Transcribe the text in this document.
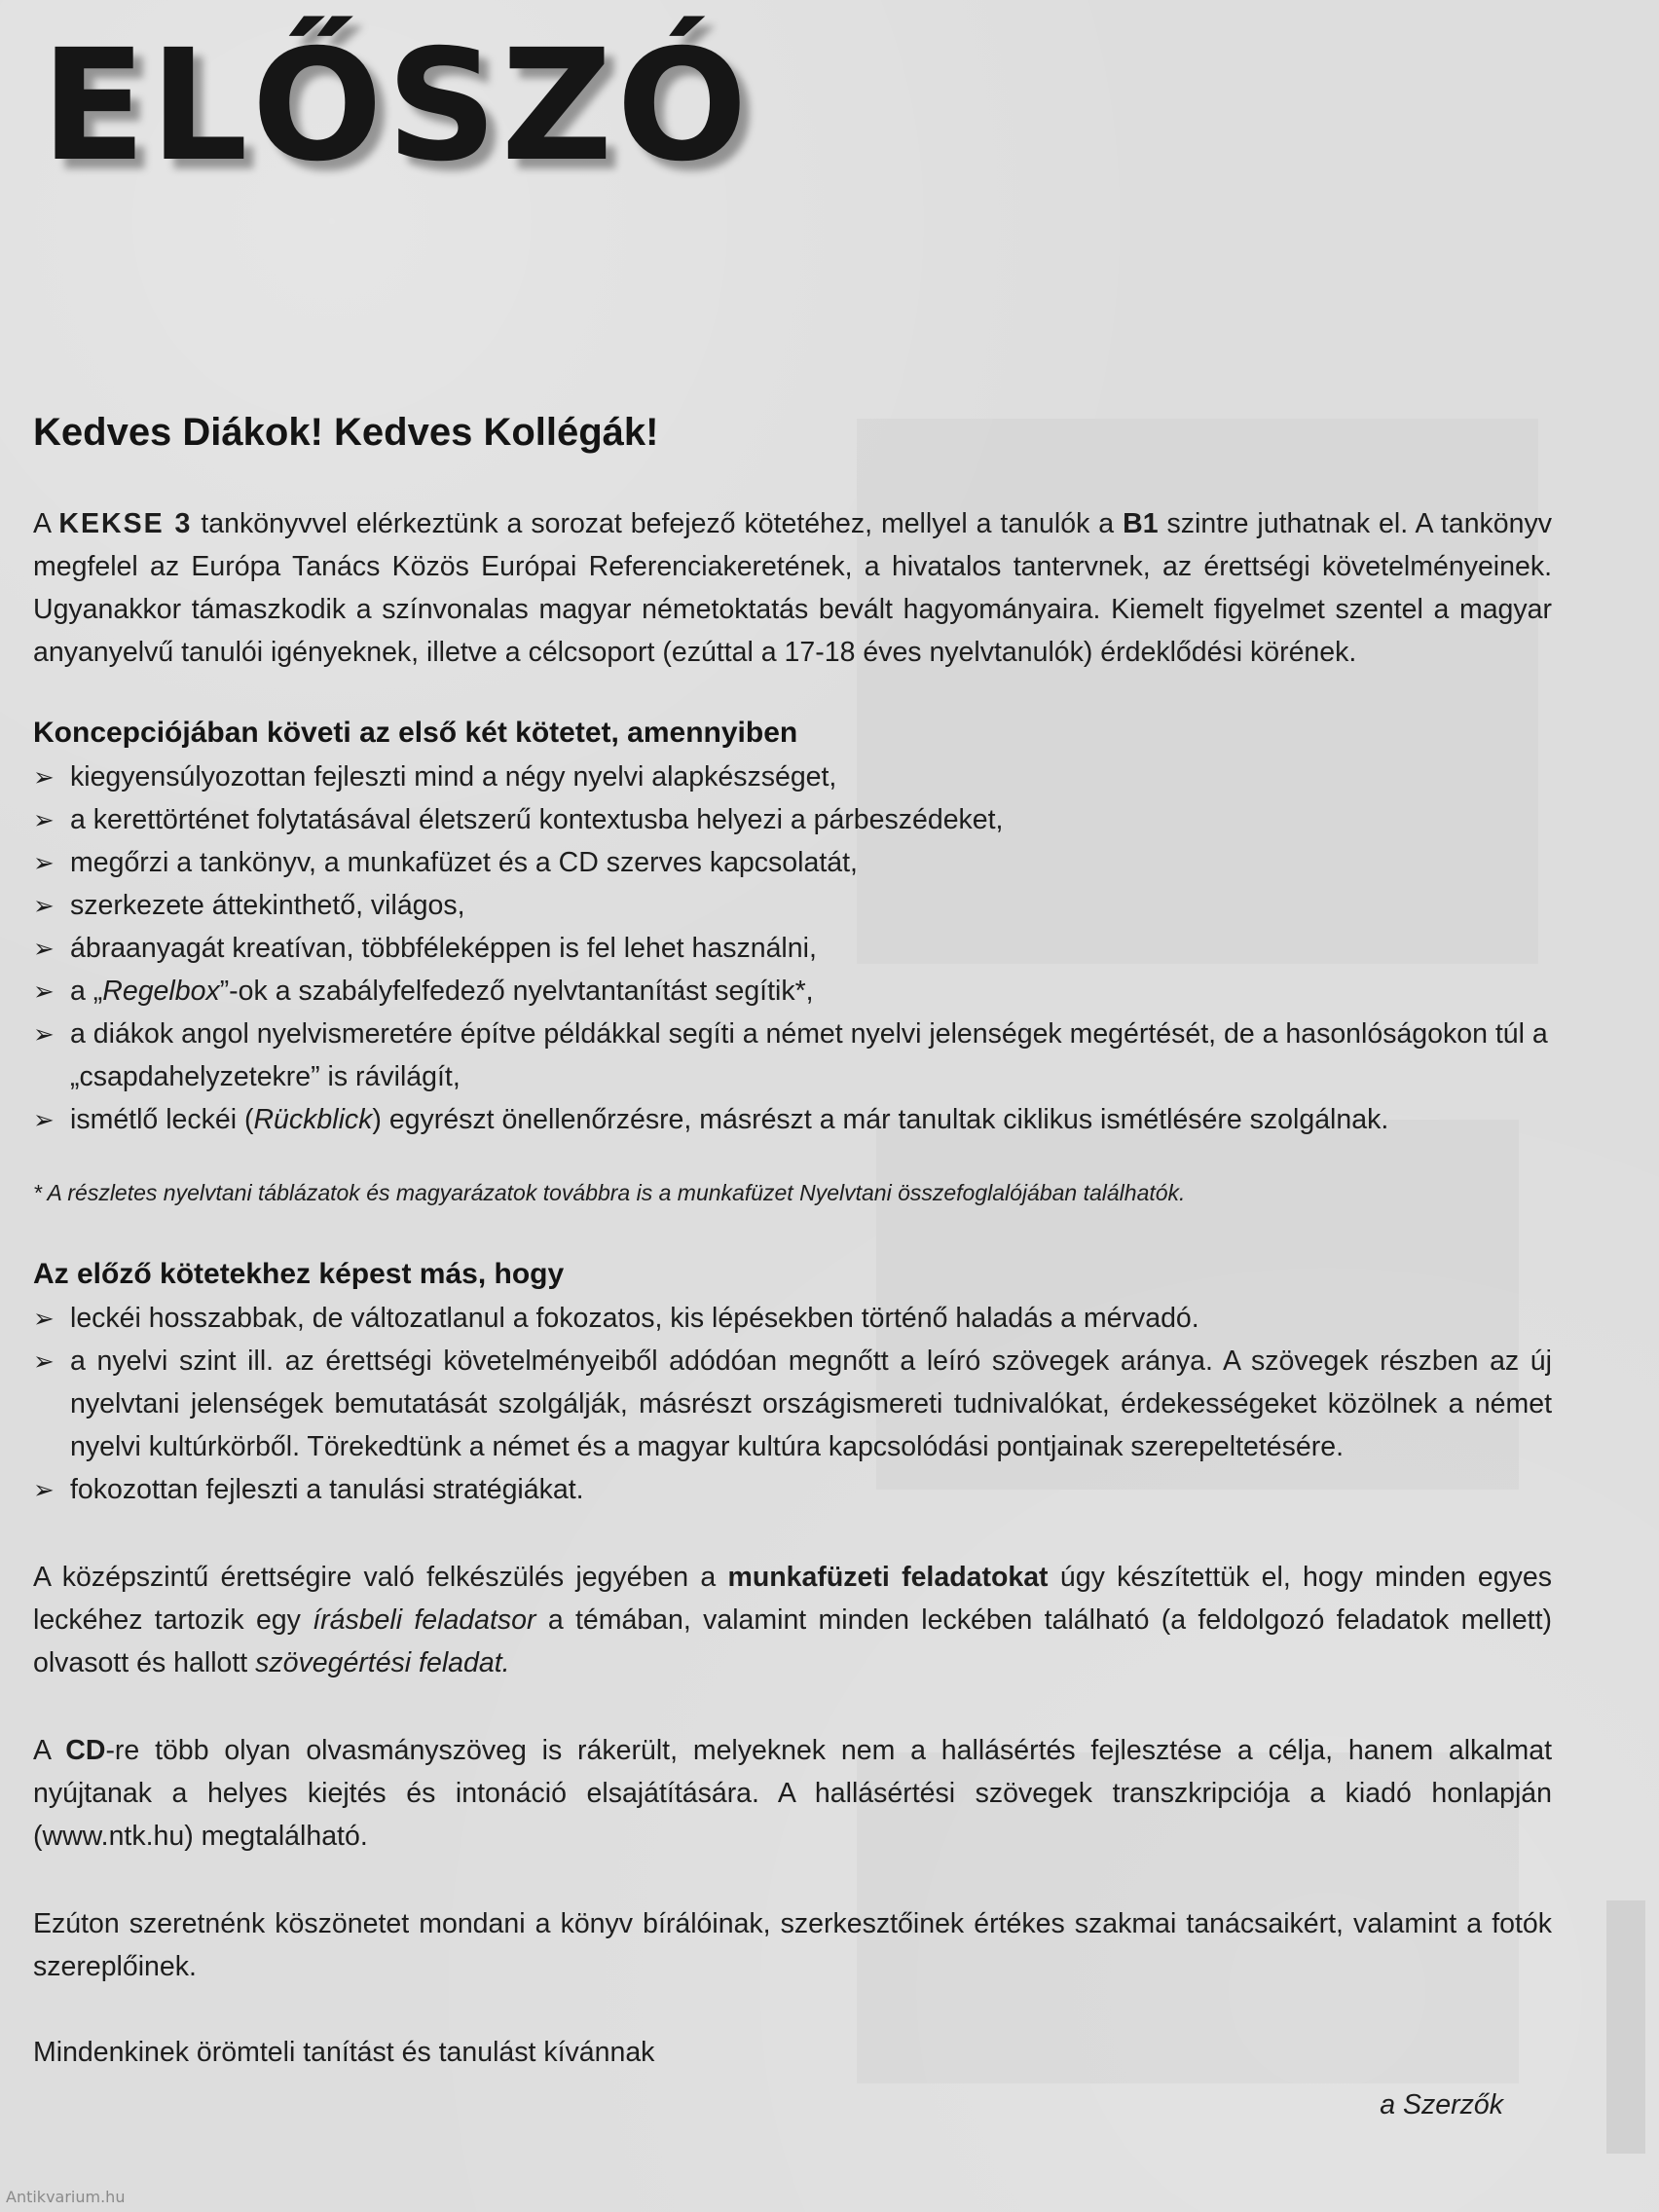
ELŐSZÓ
Kedves Diákok! Kedves Kollégák!

A KEKSE 3 tankönyvvel elérkeztünk a sorozat befejező kötetéhez, mellyel a tanulók a B1 szintre juthatnak el. A tankönyv megfelel az Európa Tanács Közös Európai Referenciakeretének, a hivatalos tantervnek, az érettségi követelményeinek. Ugyanakkor támaszkodik a színvonalas magyar németoktatás bevált hagyományaira. Kiemelt figyelmet szentel a magyar anyanyelvű tanulói igényeknek, illetve a célcsoport (ezúttal a 17-18 éves nyelvtanulók) érdeklődési körének.

Koncepciójában követi az első két kötetet, amennyiben
➢ kiegyensúlyozottan fejleszti mind a négy nyelvi alapkészséget,
➢ a kerettörténet folytatásával életszerű kontextusba helyezi a párbeszédeket,
➢ megőrzi a tankönyv, a munkafüzet és a CD szerves kapcsolatát,
➢ szerkezete áttekinthető, világos,
➢ ábraanyagát kreatívan, többféleképpen is fel lehet használni,
➢ a „Regelbox”-ok a szabályfelfedező nyelvtantanítást segítik*,
➢ a diákok angol nyelvismeretére építve példákkal segíti a német nyelvi jelenségek megértését, de a hasonlóságokon túl a „csapdahelyzetekre” is rávilágít,
➢ ismétlő leckéi (Rückblick) egyrészt önellenőrzésre, másrészt a már tanultak ciklikus ismétlésére szolgálnak.

* A részletes nyelvtani táblázatok és magyarázatok továbbra is a munkafüzet Nyelvtani összefoglalójában találhatók.

Az előző kötetekhez képest más, hogy
➢ leckéi hosszabbak, de változatlanul a fokozatos, kis lépésekben történő haladás a mérvadó.
➢ a nyelvi szint ill. az érettségi követelményeiből adódóan megnőtt a leíró szövegek aránya. A szövegek részben az új nyelvtani jelenségek bemutatását szolgálják, másrészt országismereti tudnivalókat, érdekességeket közölnek a német nyelvi kultúrkörből. Törekedtünk a német és a magyar kultúra kapcsolódási pontjainak szerepeltetésére.
➢ fokozottan fejleszti a tanulási stratégiákat.

A középszintű érettségire való felkészülés jegyében a munkafüzeti feladatokat úgy készítettük el, hogy minden egyes leckéhez tartozik egy írásbeli feladatsor a témában, valamint minden leckében található (a feldolgozó feladatok mellett) olvasott és hallott szövegértési feladat.

A CD-re több olyan olvasmányszöveg is rákerült, melyeknek nem a hallásértés fejlesztése a célja, hanem alkalmat nyújtanak a helyes kiejtés és intonáció elsajátítására. A hallásértési szövegek transzkripciója a kiadó honlapján (www.ntk.hu) megtalálható.

Ezúton szeretnénk köszönetet mondani a könyv bírálóinak, szerkesztőinek értékes szakmai tanácsaikért, valamint a fotók szereplőinek.

Mindenkinek örömteli tanítást és tanulást kívánnak

a Szerzők

Antikvarium.hu
